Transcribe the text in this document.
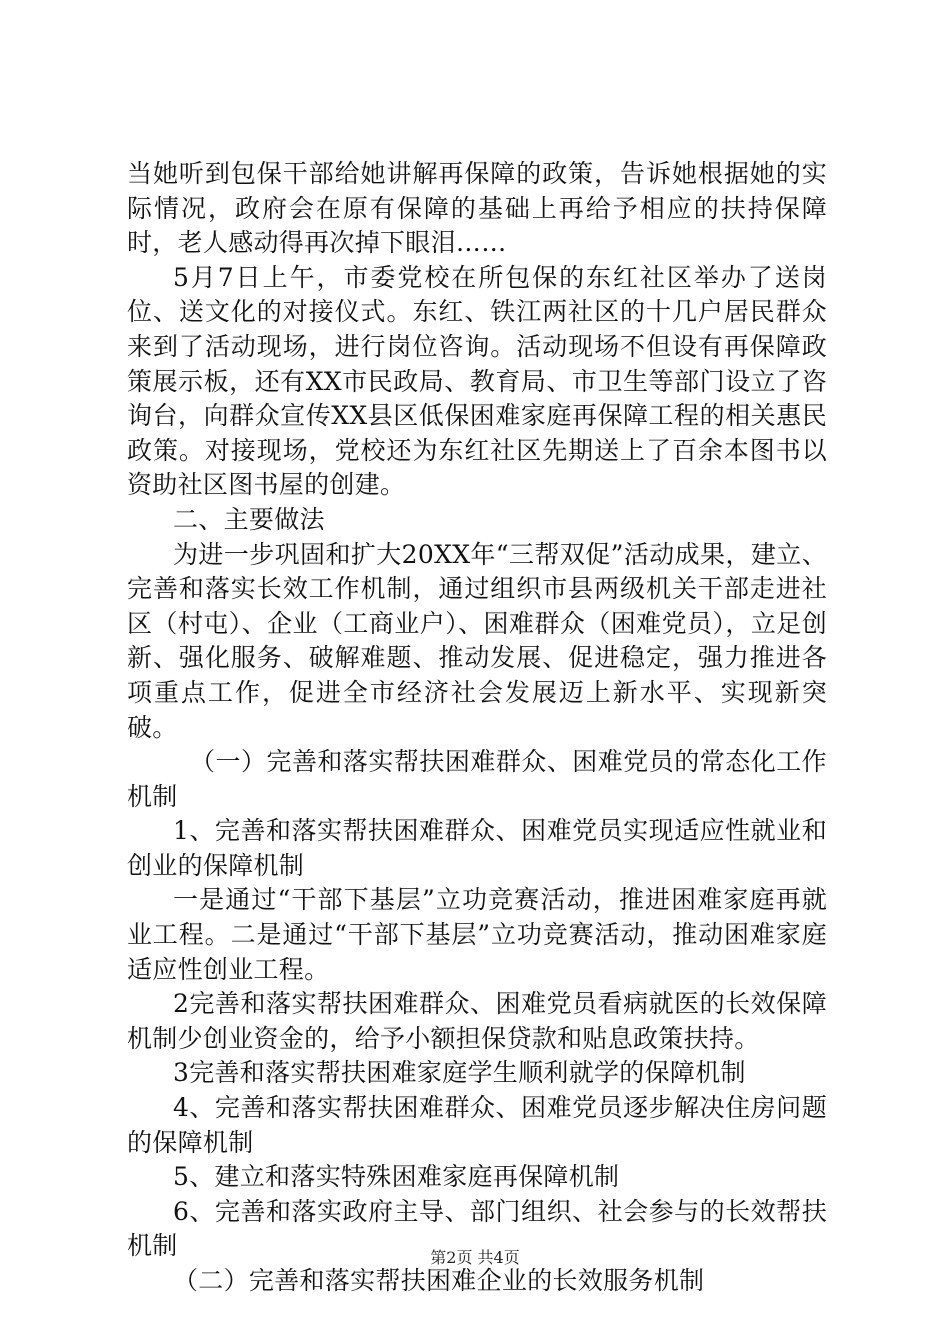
当她听到包保干部给她讲解再保障的政策，告诉她根据她的实际情况，政府会在原有保障的基础上再给予相应的扶持保障时，老人感动得再次掉下眼泪……

5月7日上午，市委党校在所包保的东红社区举办了送岗位、送文化的对接仪式。东红、铁江两社区的十几户居民群众来到了活动现场，进行岗位咨询。活动现场不但设有再保障政策展示板，还有XX市民政局、教育局、市卫生等部门设立了咨询台，向群众宣传XX县区低保困难家庭再保障工程的相关惠民政策。对接现场，党校还为东红社区先期送上了百余本图书以资助社区图书屋的创建。

二、主要做法

为进一步巩固和扩大20XX年“三帮双促”活动成果，建立、完善和落实长效工作机制，通过组织市县两级机关干部走进社区（村屯）、企业（工商业户）、困难群众（困难党员），立足创新、强化服务、破解难题、推动发展、促进稳定，强力推进各项重点工作，促进全市经济社会发展迈上新水平、实现新突破。

（一）完善和落实帮扶困难群众、困难党员的常态化工作机制

1、完善和落实帮扶困难群众、困难党员实现适应性就业和创业的保障机制

一是通过“干部下基层”立功竞赛活动，推进困难家庭再就业工程。二是通过“干部下基层”立功竞赛活动，推动困难家庭适应性创业工程。

2完善和落实帮扶困难群众、困难党员看病就医的长效保障机制少创业资金的，给予小额担保贷款和贴息政策扶持。

3完善和落实帮扶困难家庭学生顺利就学的保障机制

4、完善和落实帮扶困难群众、困难党员逐步解决住房问题的保障机制

5、建立和落实特殊困难家庭再保障机制

6、完善和落实政府主导、部门组织、社会参与的长效帮扶机制

（二）完善和落实帮扶困难企业的长效服务机制

第2页 共4页
